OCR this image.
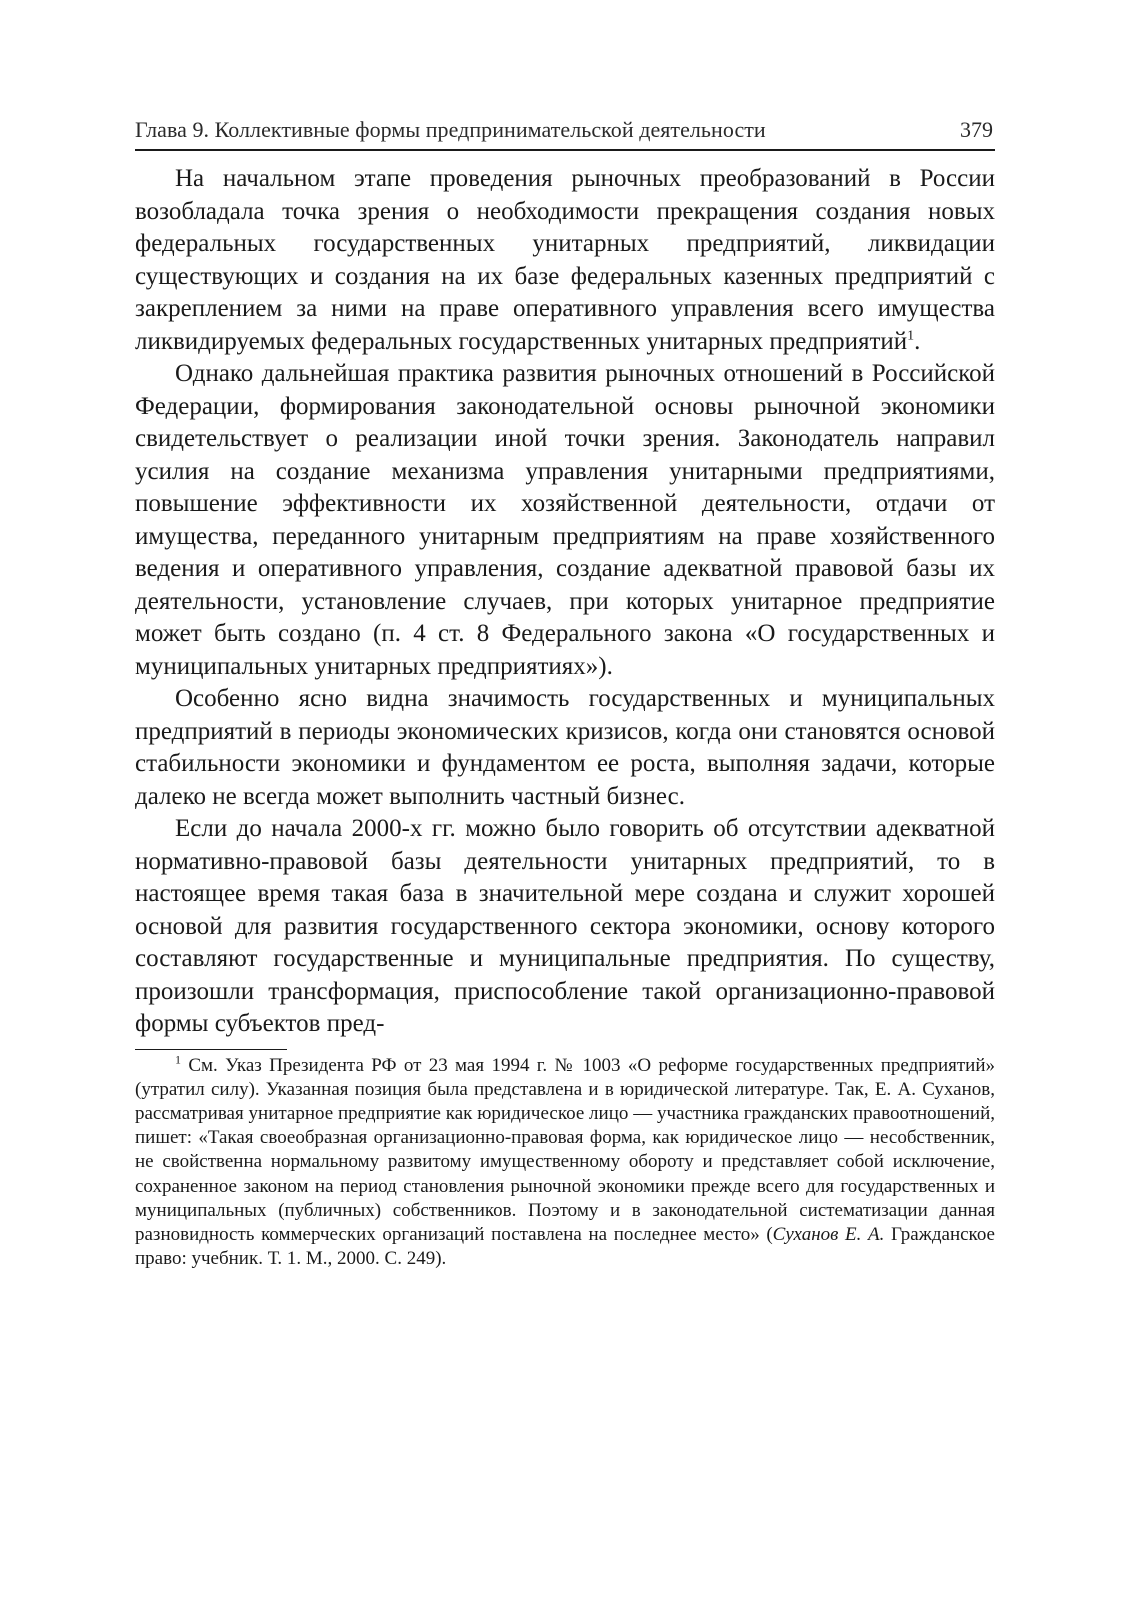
Глава 9. Коллективные формы предпринимательской деятельности	379

На начальном этапе проведения рыночных преобразований в России возобладала точка зрения о необходимости прекращения создания новых федеральных государственных унитарных предприятий, ликвидации существующих и создания на их базе федеральных казенных предприятий с закреплением за ними на праве оперативного управления всего имущества ликвидируемых федеральных государственных унитарных предприятий$^1$.

Однако дальнейшая практика развития рыночных отношений в Российской Федерации, формирования законодательной основы рыночной экономики свидетельствует о реализации иной точки зрения. Законодатель направил усилия на создание механизма управления унитарными предприятиями, повышение эффективности их хозяйственной деятельности, отдачи от имущества, переданного унитарным предприятиям на праве хозяйственного ведения и оперативного управления, создание адекватной правовой базы их деятельности, установление случаев, при которых унитарное предприятие может быть создано (п. 4 ст. 8 Федерального закона «О государственных и муниципальных унитарных предприятиях»).

Особенно ясно видна значимость государственных и муниципальных предприятий в периоды экономических кризисов, когда они становятся основой стабильности экономики и фундаментом ее роста, выполняя задачи, которые далеко не всегда может выполнить частный бизнес.

Если до начала 2000-х гг. можно было говорить об отсутствии адекватной нормативно-правовой базы деятельности унитарных предприятий, то в настоящее время такая база в значительной мере создана и служит хорошей основой для развития государственного сектора экономики, основу которого составляют государственные и муниципальные предприятия. По существу, произошли трансформация, приспособление такой организационно-правовой формы субъектов пред-

$^1$ См. Указ Президента РФ от 23 мая 1994 г. № 1003 «О реформе государственных предприятий» (утратил силу). Указанная позиция была представлена и в юридической литературе. Так, Е. А. Суханов, рассматривая унитарное предприятие как юридическое лицо — участника гражданских правоотношений, пишет: «Такая своеобразная организационно-правовая форма, как юридическое лицо — несобственник, не свойственна нормальному развитому имущественному обороту и представляет собой исключение, сохраненное законом на период становления рыночной экономики прежде всего для государственных и муниципальных (публичных) собственников. Поэтому и в законодательной систематизации данная разновидность коммерческих организаций поставлена на последнее место» (Суханов Е. А. Гражданское право: учебник. Т. 1. М., 2000. С. 249).
